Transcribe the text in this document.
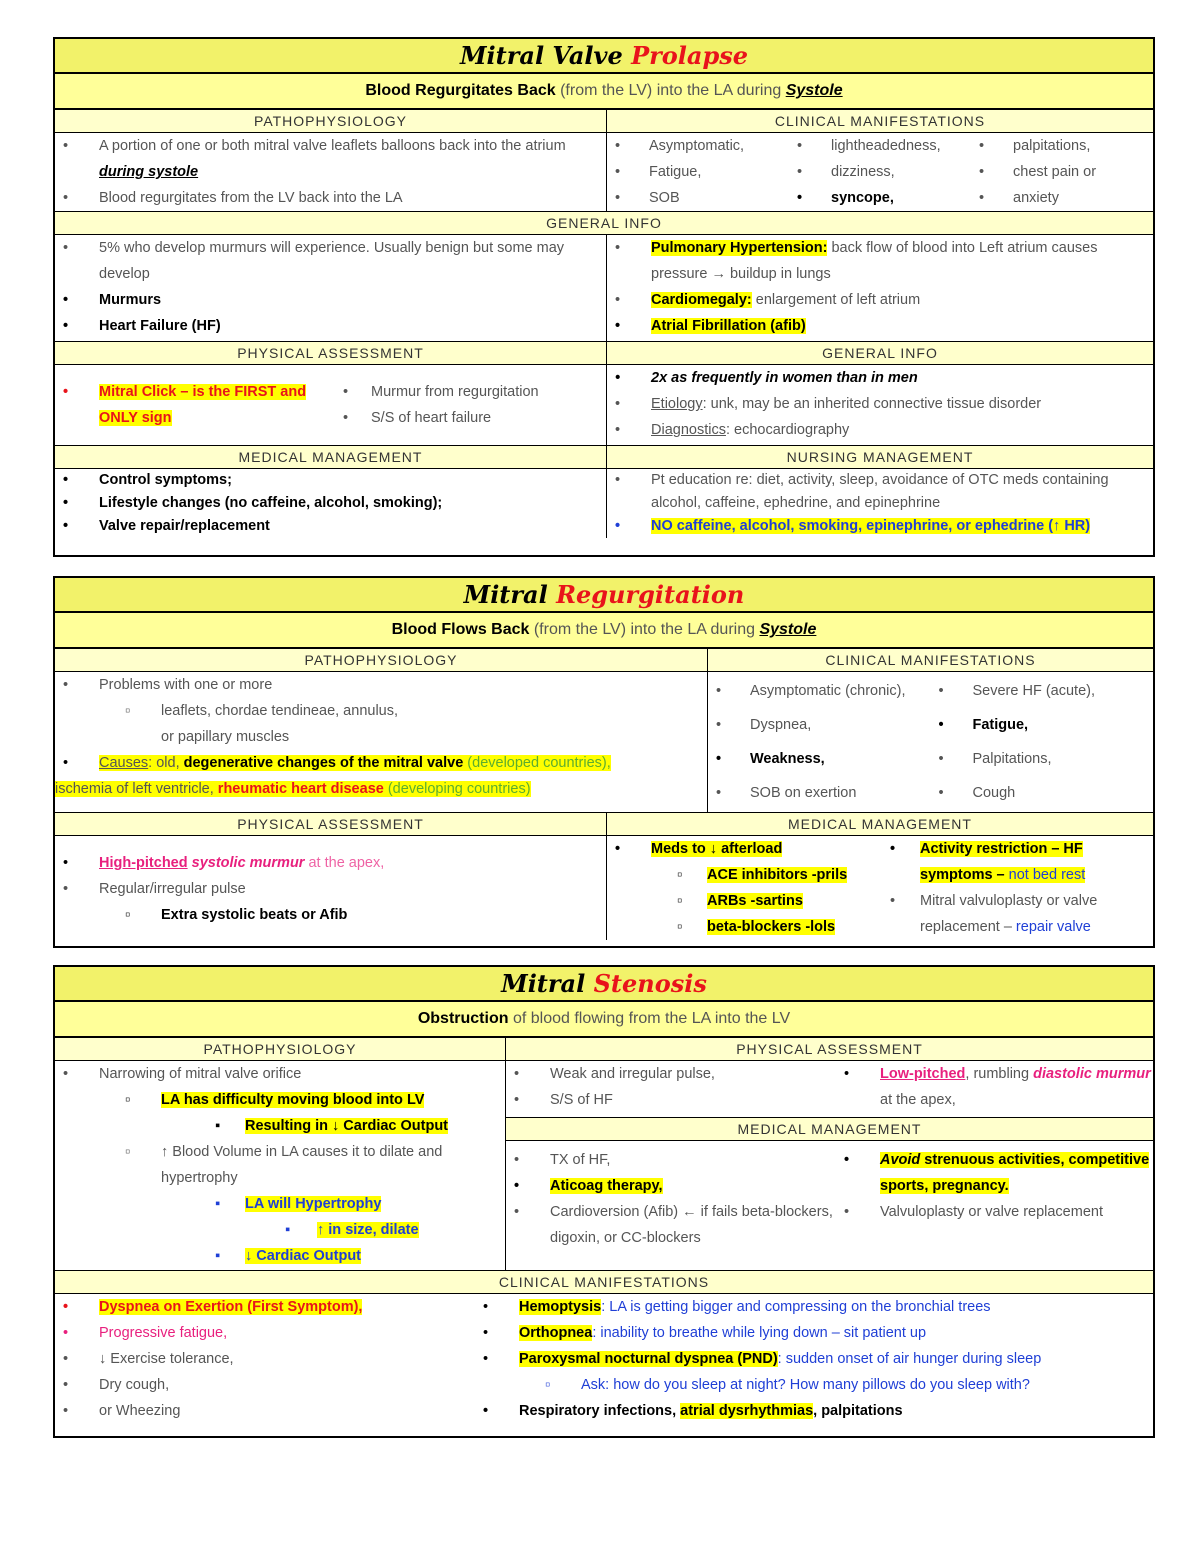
Mitral Valve Prolapse
Blood Regurgitates Back (from the LV) into the LA during Systole
PATHOPHYSIOLOGY	CLINICAL MANIFESTATIONS
• A portion of one or both mitral valve leaflets balloons back into the atrium during systole
• Blood regurgitates from the LV back into the LA
• Asymptomatic,	• lightheadedness,	• palpitations,
• Fatigue,	• dizziness,	• chest pain or
• SOB	• syncope,	• anxiety
GENERAL INFO
• 5% who develop murmurs will experience. Usually benign but some may develop
• Murmurs
• Heart Failure (HF)
• Pulmonary Hypertension: back flow of blood into Left atrium causes pressure → buildup in lungs
• Cardiomegaly: enlargement of left atrium
• Atrial Fibrillation (afib)
PHYSICAL ASSESSMENT	GENERAL INFO
• Mitral Click – is the FIRST and ONLY sign
• Murmur from regurgitation
• S/S of heart failure
• 2x as frequently in women than in men
• Etiology: unk, may be an inherited connective tissue disorder
• Diagnostics: echocardiography
MEDICAL MANAGEMENT	NURSING MANAGEMENT
• Control symptoms;
• Lifestyle changes (no caffeine, alcohol, smoking);
• Valve repair/replacement
• Pt education re: diet, activity, sleep, avoidance of OTC meds containing alcohol, caffeine, ephedrine, and epinephrine
• NO caffeine, alcohol, smoking, epinephrine, or ephedrine (↑ HR)
Mitral Regurgitation
Blood Flows Back (from the LV) into the LA during Systole
PATHOPHYSIOLOGY	CLINICAL MANIFESTATIONS
• Problems with one or more
▫ leaflets, chordae tendineae, annulus,
or papillary muscles
• Causes: old, degenerative changes of the mitral valve (developed countries),
ischemia of left ventricle, rheumatic heart disease (developing countries)
• Asymptomatic (chronic),	• Severe HF (acute),
• Dyspnea,	• Fatigue,
• Weakness,	• Palpitations,
• SOB on exertion	• Cough
PHYSICAL ASSESSMENT	MEDICAL MANAGEMENT
• High-pitched systolic murmur at the apex,
• Regular/irregular pulse
▫ Extra systolic beats or Afib
• Meds to ↓ afterload
▫ ACE inhibitors -prils
▫ ARBs -sartins
▫ beta-blockers -lols
• Activity restriction – HF symptoms – not bed rest
• Mitral valvuloplasty or valve replacement – repair valve
Mitral Stenosis
Obstruction of blood flowing from the LA into the LV
PATHOPHYSIOLOGY	PHYSICAL ASSESSMENT
• Narrowing of mitral valve orifice
▫ LA has difficulty moving blood into LV
▪ Resulting in ↓ Cardiac Output
▫ ↑ Blood Volume in LA causes it to dilate and hypertrophy
▪ LA will Hypertrophy
▪ ↑ in size, dilate
▪ ↓ Cardiac Output
• Weak and irregular pulse,
• S/S of HF
• Low-pitched, rumbling diastolic murmur at the apex,
MEDICAL MANAGEMENT
• TX of HF,
• Aticoag therapy,
• Cardioversion (Afib) ← if fails beta-blockers, digoxin, or CC-blockers
• Avoid strenuous activities, competitive sports, pregnancy.
• Valvuloplasty or valve replacement
CLINICAL MANIFESTATIONS
• Dyspnea on Exertion (First Symptom),
• Progressive fatigue,
• ↓ Exercise tolerance,
• Dry cough,
• or Wheezing
• Hemoptysis: LA is getting bigger and compressing on the bronchial trees
• Orthopnea: inability to breathe while lying down – sit patient up
• Paroxysmal nocturnal dyspnea (PND): sudden onset of air hunger during sleep
▫ Ask: how do you sleep at night? How many pillows do you sleep with?
• Respiratory infections, atrial dysrhythmias, palpitations
